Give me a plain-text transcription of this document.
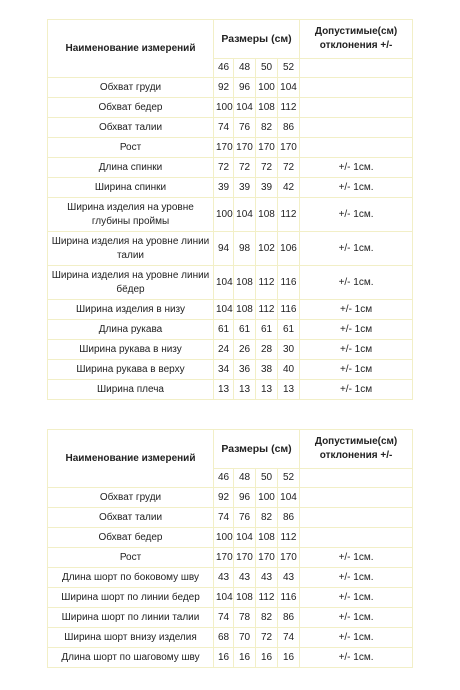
Наименование измерений	Размеры (см)				Допустимые(см) отклонения +/-
	46	48	50	52	
Обхват груди	92	96	100	104	
Обхват бедер	100	104	108	112	
Обхват талии	74	76	82	86	
Рост	170	170	170	170	
Длина спинки	72	72	72	72	+/- 1см.
Ширина спинки	39	39	39	42	+/- 1см.
Ширина изделия на уровне глубины проймы	100	104	108	112	+/- 1см.
Ширина изделия на уровне линии талии	94	98	102	106	+/- 1см.
Ширина изделия на уровне линии бёдер	104	108	112	116	+/- 1см.
Ширина изделия в низу	104	108	112	116	+/- 1см
Длина рукава	61	61	61	61	+/- 1см
Ширина рукава в низу	24	26	28	30	+/- 1см
Ширина рукава в верху	34	36	38	40	+/- 1см
Ширина плеча	13	13	13	13	+/- 1см
Наименование измерений	Размеры (см)				Допустимые(см) отклонения +/-
	46	48	50	52	
Обхват груди	92	96	100	104	
Обхват талии	74	76	82	86	
Обхват бедер	100	104	108	112	
Рост	170	170	170	170	+/- 1см.
Длина шорт по боковому шву	43	43	43	43	+/- 1см.
Ширина шорт по линии бедер	104	108	112	116	+/- 1см.
Ширина шорт по линии талии	74	78	82	86	+/- 1см.
Ширина шорт внизу изделия	68	70	72	74	+/- 1см.
Длина шорт по шаговому шву	16	16	16	16	+/- 1см.
